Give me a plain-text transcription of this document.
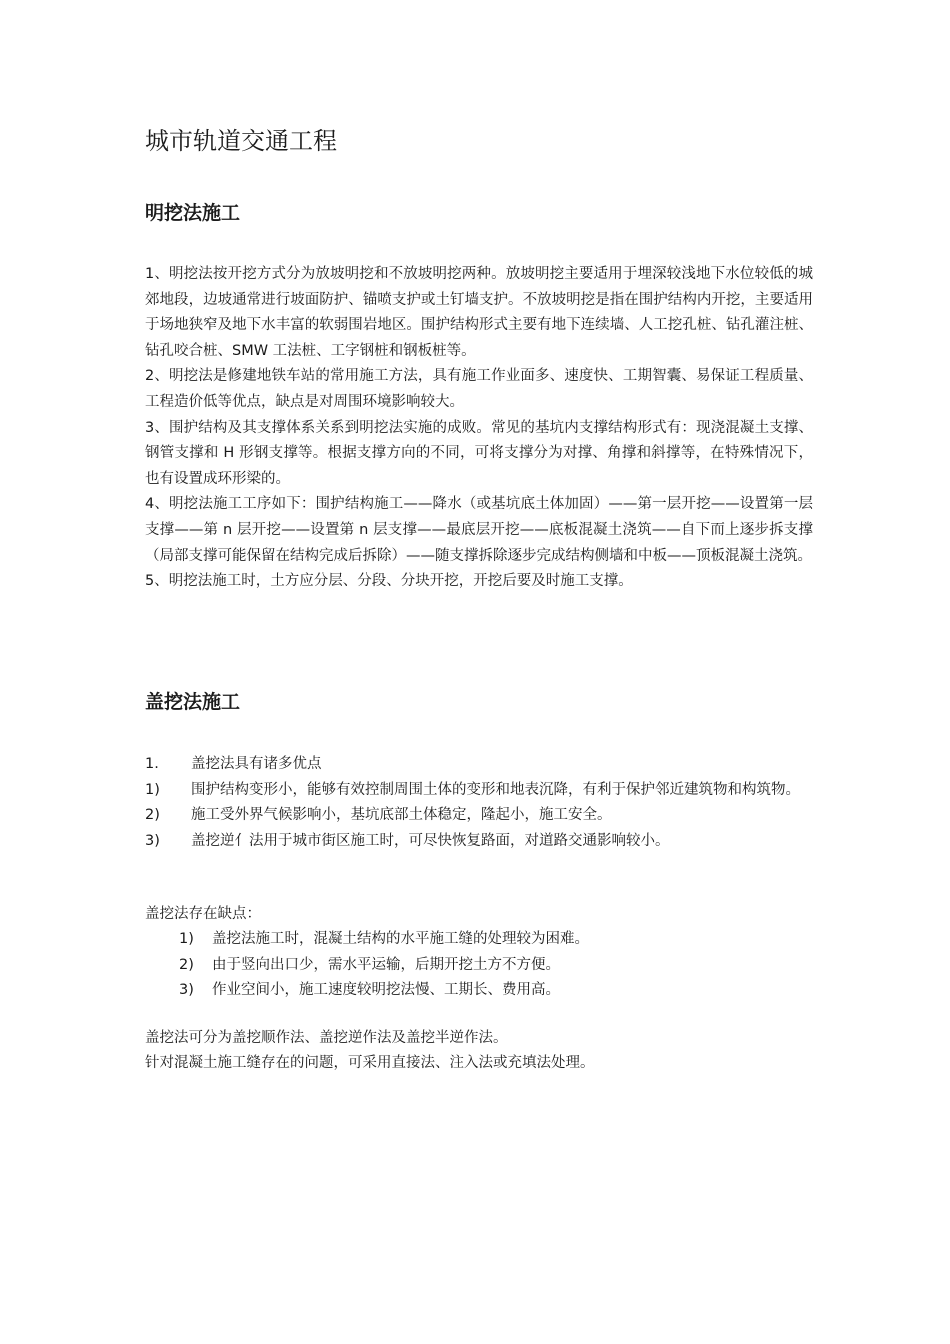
城市轨道交通工程
明挖法施工

1、明挖法按开挖方式分为放坡明挖和不放坡明挖两种。放坡明挖主要适用于埋深较浅地下水位较低的城郊地段，边坡通常进行坡面防护、锚喷支护或土钉墙支护。不放坡明挖是指在围护结构内开挖，主要适用于场地狭窄及地下水丰富的软弱围岩地区。围护结构形式主要有地下连续墙、人工挖孔桩、钻孔灌注桩、钻孔咬合桩、SMW 工法桩、工字钢桩和钢板桩等。

2、明挖法是修建地铁车站的常用施工方法，具有施工作业面多、速度快、工期智囊、易保证工程质量、工程造价低等优点，缺点是对周围环境影响较大。

3、围护结构及其支撑体系关系到明挖法实施的成败。常见的基坑内支撑结构形式有：现浇混凝土支撑、钢管支撑和 H 形钢支撑等。根据支撑方向的不同，可将支撑分为对撑、角撑和斜撑等，在特殊情况下，也有设置成环形梁的。

4、明挖法施工工序如下：围护结构施工——降水（或基坑底土体加固）——第一层开挖——设置第一层支撑——第 n 层开挖——设置第 n 层支撑——最底层开挖——底板混凝土浇筑——自下而上逐步拆支撑（局部支撑可能保留在结构完成后拆除）——随支撑拆除逐步完成结构侧墙和中板——顶板混凝土浇筑。

5、明挖法施工时，土方应分层、分段、分块开挖，开挖后要及时施工支撑。

盖挖法施工
1. 盖挖法具有诸多优点
1) 围护结构变形小，能够有效控制周围土体的变形和地表沉降，有利于保护邻近建筑物和构筑物。
2) 施工受外界气候影响小，基坑底部土体稳定，隆起小，施工安全。
3) 盖挖逆亻法用于城市街区施工时，可尽快恢复路面，对道路交通影响较小。
盖挖法存在缺点：
1) 盖挖法施工时，混凝土结构的水平施工缝的处理较为困难。
2) 由于竖向出口少，需水平运输，后期开挖土方不方便。
3) 作业空间小，施工速度较明挖法慢、工期长、费用高。
盖挖法可分为盖挖顺作法、盖挖逆作法及盖挖半逆作法。
针对混凝土施工缝存在的问题，可采用直接法、注入法或充填法处理。
